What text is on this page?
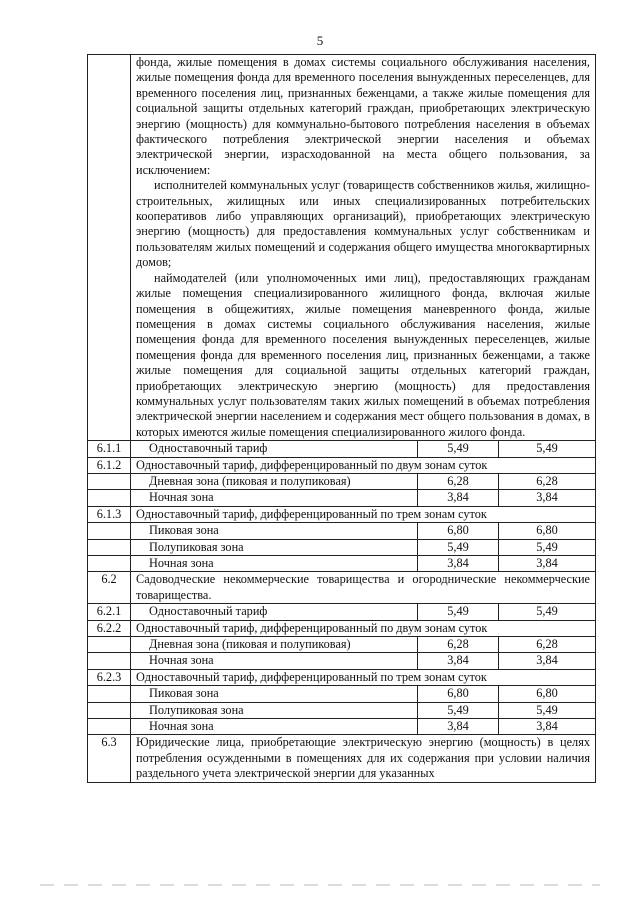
5

	фонда, жилые помещения в домах системы социального обслуживания населения, жилые помещения фонда для временного поселения вынужденных переселенцев, для временного поселения лиц, признанных беженцами, а также жилые помещения для социальной защиты отдельных категорий граждан, приобретающих электрическую энергию (мощность) для коммунально-бытового потребления населения в объемах фактического потребления электрической энергии населения и объемах электрической энергии, израсходованной на места общего пользования, за исключением:

исполнителей коммунальных услуг (товариществ собственников жилья, жилищно-строительных, жилищных или иных специализированных потребительских кооперативов либо управляющих организаций), приобретающих электрическую энергию (мощность) для предоставления коммунальных услуг собственникам и пользователям жилых помещений и содержания общего имущества многоквартирных домов;

наймодателей (или уполномоченных ими лиц), предоставляющих гражданам жилые помещения специализированного жилищного фонда, включая жилые помещения в общежитиях, жилые помещения маневренного фонда, жилые помещения в домах системы социального обслуживания населения, жилые помещения фонда для временного поселения вынужденных переселенцев, жилые помещения фонда для временного поселения лиц, признанных беженцами, а также жилые помещения для социальной защиты отдельных категорий граждан, приобретающих электрическую энергию (мощность) для предоставления коммунальных услуг пользователям таких жилых помещений в объемах потребления электрической энергии населением и содержания мест общего пользования в домах, в которых имеются жилые помещения специализированного жилого фонда.		

6.1.1	Одноставочный тариф	5,49	5,49
6.1.2	Одноставочный тариф, дифференцированный по двум зонам суток		
	Дневная зона (пиковая и полупиковая)	6,28	6,28
	Ночная зона	3,84	3,84
6.1.3	Одноставочный тариф, дифференцированный по трем зонам суток		
	Пиковая зона	6,80	6,80
	Полупиковая зона	5,49	5,49
	Ночная зона	3,84	3,84
6.2	Садоводческие некоммерческие товарищества и огороднические некоммерческие товарищества.		
6.2.1	Одноставочный тариф	5,49	5,49
6.2.2	Одноставочный тариф, дифференцированный по двум зонам суток		
	Дневная зона (пиковая и полупиковая)	6,28	6,28
	Ночная зона	3,84	3,84
6.2.3	Одноставочный тариф, дифференцированный по трем зонам суток		
	Пиковая зона	6,80	6,80
	Полупиковая зона	5,49	5,49
	Ночная зона	3,84	3,84
6.3	Юридические лица, приобретающие электрическую энергию (мощность) в целях потребления осужденными в помещениях для их содержания при условии наличия раздельного учета электрической энергии для указанных		
